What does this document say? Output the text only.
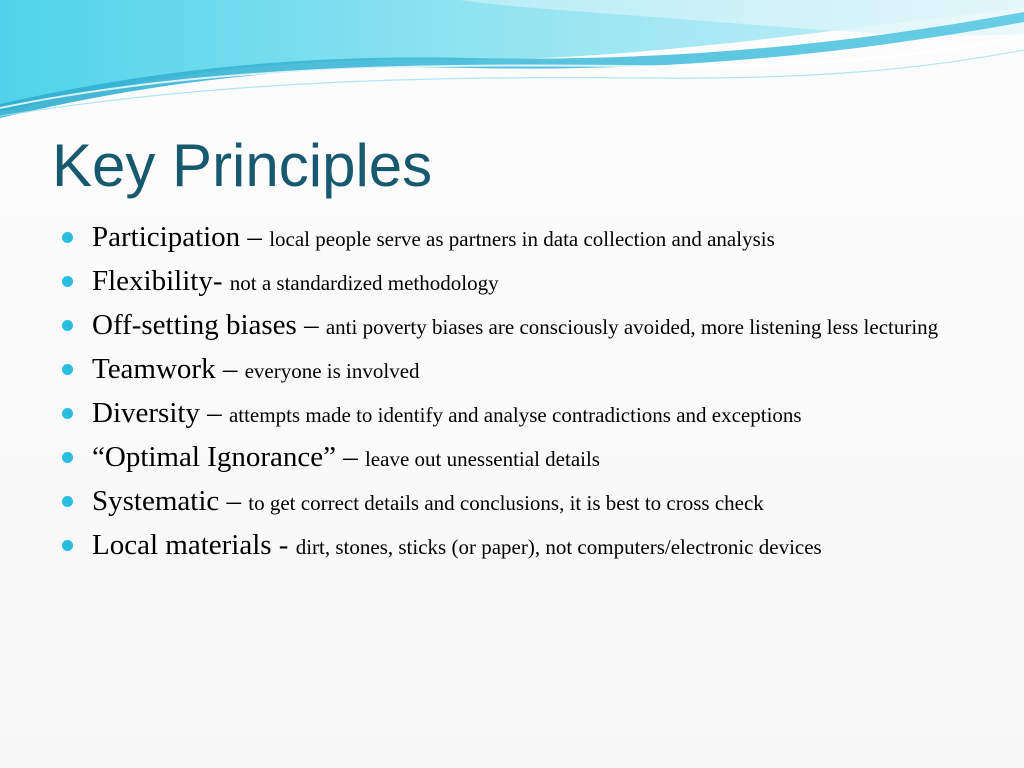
Key Principles
Participation – local people serve as partners in data collection and analysis
Flexibility- not a standardized methodology
Off-setting biases – anti poverty biases are consciously avoided, more listening less lecturing
Teamwork – everyone is involved
Diversity – attempts made to identify and analyse contradictions and exceptions
“Optimal Ignorance” – leave out unessential details
Systematic – to get correct details and conclusions, it is best to cross check
Local materials - dirt, stones, sticks (or paper), not computers/electronic devices
